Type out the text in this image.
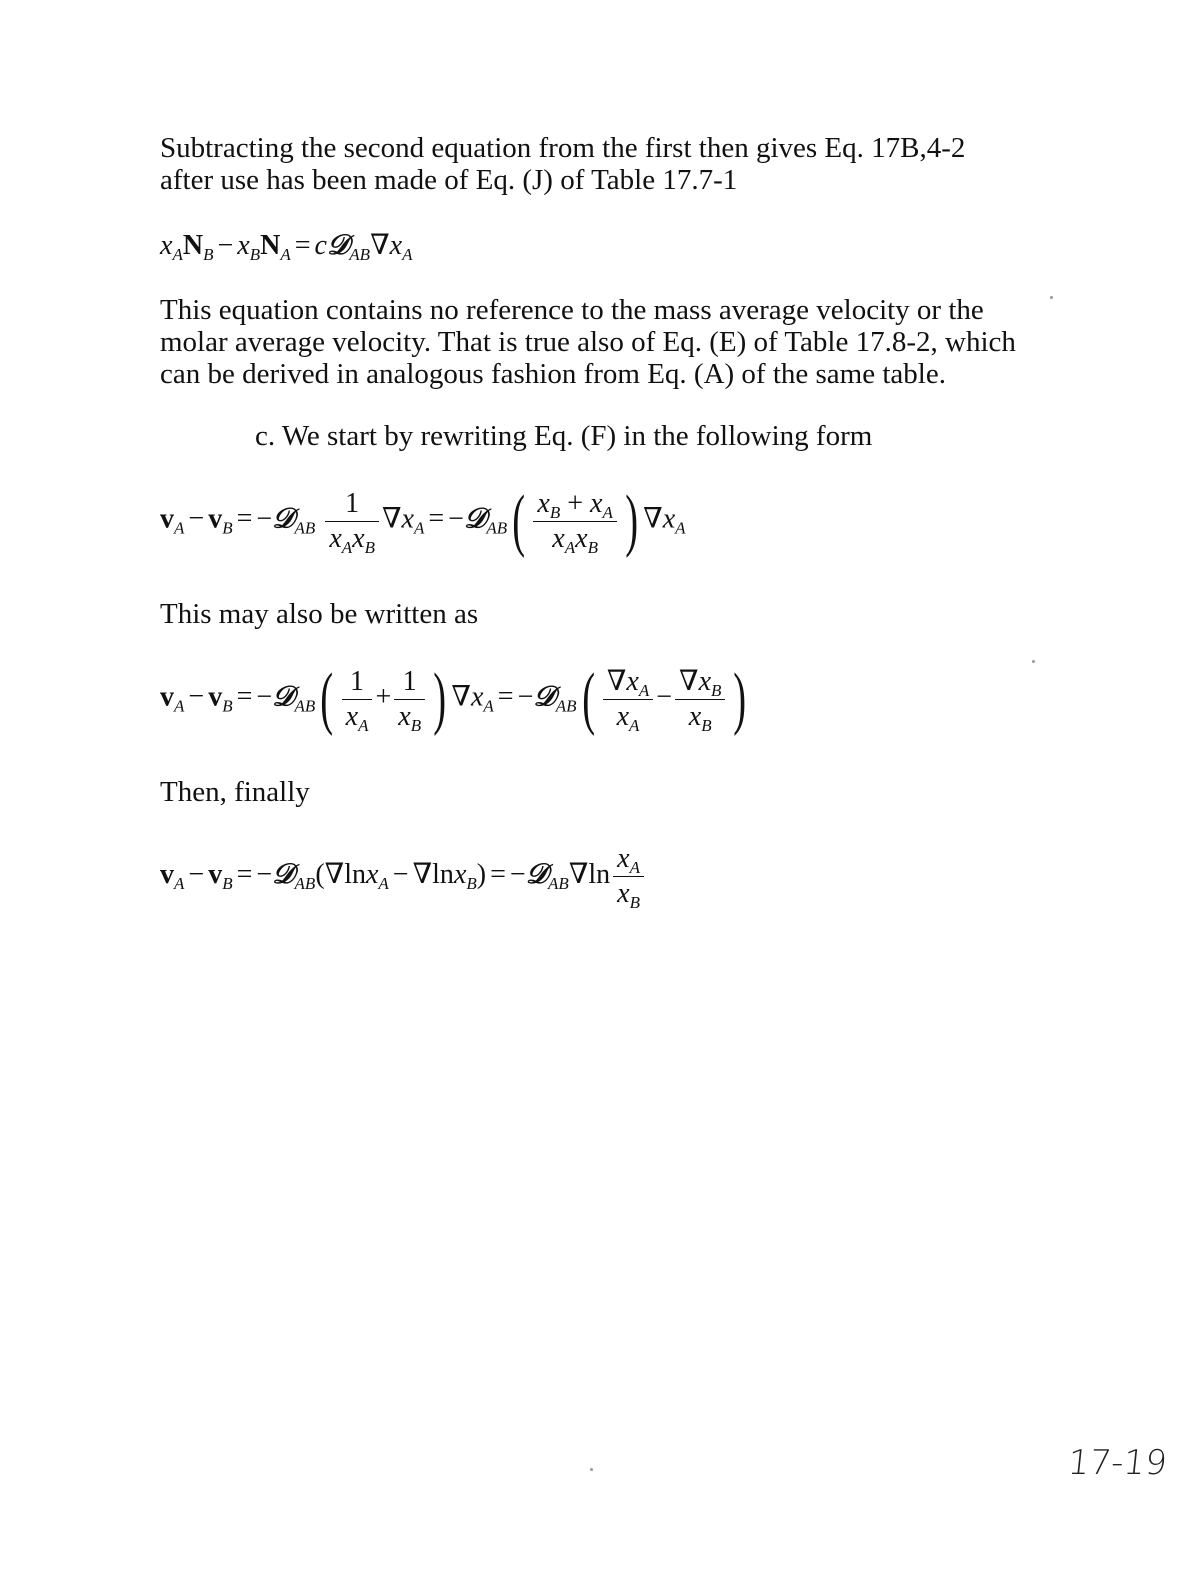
Subtracting the second equation from the first then gives Eq. 17B,4-2 after use has been made of Eq. (J) of Table 17.7-1

$x_AN_B - x_BN_A$ = $c𝒟_{AB}\nabla x_A$

This equation contains no reference to the mass average velocity or the molar average velocity. That is true also of Eq. (E) of Table 17.8-2, which can be derived in analogous fashion from Eq. (A) of the same table.

c. We start by rewriting Eq. (F) in the following form

$v_A - v_B$ = −𝒟$_{AB}$ $\frac{1}{x_Ax_B} \nabla x_A$ = −𝒟$_{AB}$( $\frac{x_B + x_A}{x_Ax_B}$ ) $\nabla x_A$

This may also be written as

$v_A - v_B$ = −𝒟$_{AB}$( $\frac{1}{x_A} + \frac{1}{x_B}$ ) $\nabla x_A$ = −𝒟$_{AB}$( $\frac{\nabla x_A}{x_A} - \frac{\nabla x_B}{x_B}$ )

Then, finally

$v_A - v_B$ = −𝒟$_{AB}$(∇lnx$_A$ − ∇lnx$_B$) = −𝒟$_{AB}$∇ln $\frac{x_A}{x_B}$
17-19
